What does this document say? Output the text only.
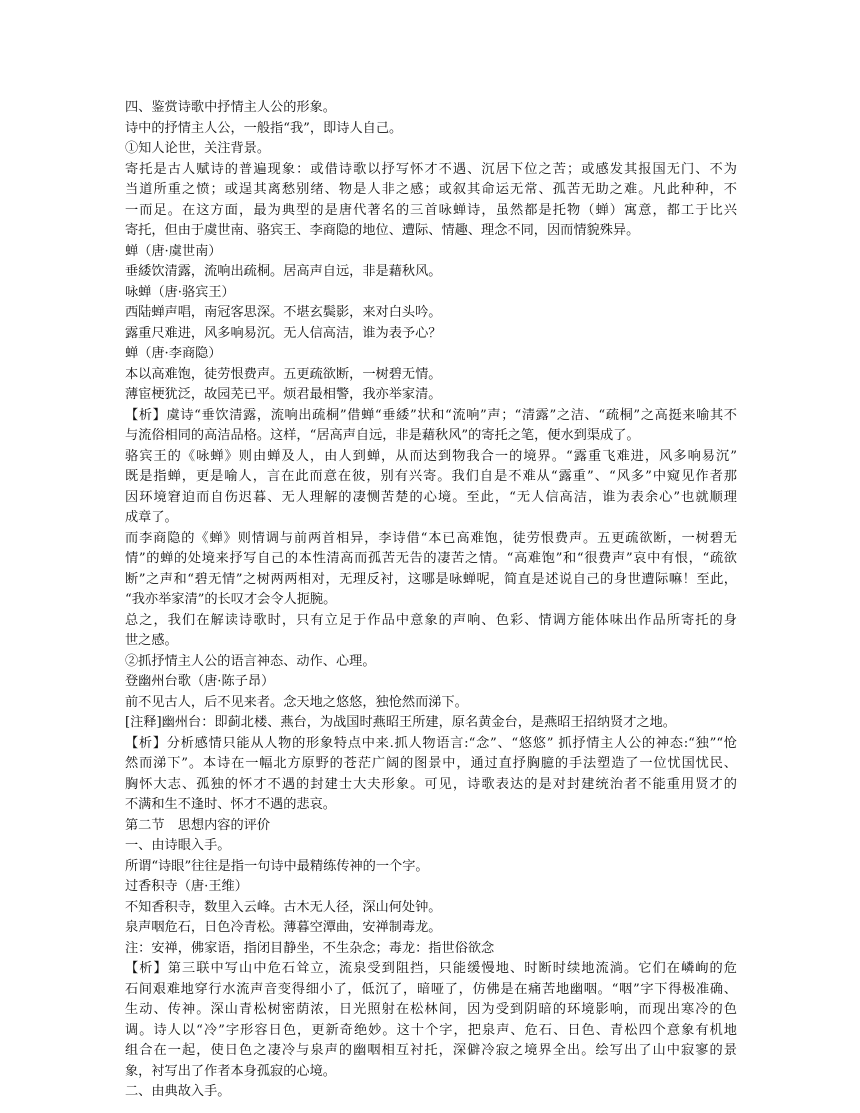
四、鉴赏诗歌中抒情主人公的形象。
诗中的抒情主人公，一般指“我”，即诗人自己。
①知人论世，关注背景。
寄托是古人赋诗的普遍现象：或借诗歌以抒写怀才不遇、沉居下位之苦；或感发其报国无门、不为
当道所重之愤；或逞其离愁别绪、物是人非之感；或叙其命运无常、孤苦无助之难。凡此种种，不
一而足。在这方面，最为典型的是唐代著名的三首咏蝉诗，虽然都是托物（蝉）寓意，都工于比兴
寄托，但由于虞世南、骆宾王、李商隐的地位、遭际、情趣、理念不同，因而情貌殊异。
蝉（唐·虞世南）
垂緌饮清露，流响出疏桐。居高声自远，非是藉秋风。
咏蝉（唐·骆宾王）
西陆蝉声唱，南冠客思深。不堪玄鬓影，来对白头吟。
露重尺难进，风多响易沉。无人信高洁，谁为表予心？
蝉（唐·李商隐）
本以高难饱，徒劳恨费声。五更疏欲断，一树碧无情。
薄宦梗犹泛，故园芜已平。烦君最相警，我亦举家清。
【析】虞诗“垂饮清露，流响出疏桐”借蝉“垂緌”状和“流响”声；“清露”之洁、“疏桐”之高挺来喻其不
与流俗相同的高洁品格。这样，“居高声自远，非是藉秋风”的寄托之笔，便水到渠成了。
骆宾王的《咏蝉》则由蝉及人，由人到蝉，从而达到物我合一的境界。“露重飞难进，风多响易沉”
既是指蝉，更是喻人，言在此而意在彼，别有兴寄。我们自是不难从“露重”、“风多”中窥见作者那
因环境窘迫而自伤迟暮、无人理解的凄恻苦楚的心境。至此，“无人信高洁，谁为表余心”也就顺理
成章了。
而李商隐的《蝉》则情调与前两首相异，李诗借“本已高难饱，徒劳恨费声。五更疏欲断，一树碧无
情”的蝉的处境来抒写自己的本性清高而孤苦无告的凄苦之情。“高难饱”和“很费声”哀中有恨，“疏欲
断”之声和“碧无情”之树两两相对，无理反衬，这哪是咏蝉呢，简直是述说自己的身世遭际嘛！至此，
“我亦举家清”的长叹才会令人扼腕。
总之，我们在解读诗歌时，只有立足于作品中意象的声响、色彩、情调方能体味出作品所寄托的身
世之感。
②抓抒情主人公的语言神态、动作、心理。
登幽州台歌（唐·陈子昂）
前不见古人，后不见来者。念天地之悠悠，独怆然而涕下。
[注释]幽州台：即蓟北楼、燕台，为战国时燕昭王所建，原名黄金台，是燕昭王招纳贤才之地。
【析】分析感情只能从人物的形象特点中来.抓人物语言:“念”、“悠悠” 抓抒情主人公的神态:“独”“怆
然而涕下”。本诗在一幅北方原野的苍茫广阔的图景中，通过直抒胸臆的手法塑造了一位忧国忧民、
胸怀大志、孤独的怀才不遇的封建士大夫形象。可见，诗歌表达的是对封建统治者不能重用贤才的
不满和生不逢时、怀才不遇的悲哀。
第二节　思想内容的评价
一、由诗眼入手。
所谓“诗眼”往往是指一句诗中最精练传神的一个字。
过香积寺（唐·王维）
不知香积寺，数里入云峰。古木无人径，深山何处钟。
泉声咽危石，日色冷青松。薄暮空潭曲，安禅制毒龙。
注：安禅，佛家语，指闭目静坐，不生杂念；毒龙：指世俗欲念
【析】第三联中写山中危石耸立，流泉受到阻挡，只能缓慢地、时断时续地流淌。它们在嶙峋的危
石间艰难地穿行水流声音变得细小了，低沉了，暗哑了，仿佛是在痛苦地幽咽。“咽”字下得极准确、
生动、传神。深山青松树密荫浓，日光照射在松林间，因为受到阴暗的环境影响，而现出寒冷的色
调。诗人以“冷”字形容日色，更新奇绝妙。这十个字，把泉声、危石、日色、青松四个意象有机地
组合在一起，使日色之凄冷与泉声的幽咽相互衬托，深僻冷寂之境界全出。绘写出了山中寂寥的景
象，衬写出了作者本身孤寂的心境。
二、由典故入手。
